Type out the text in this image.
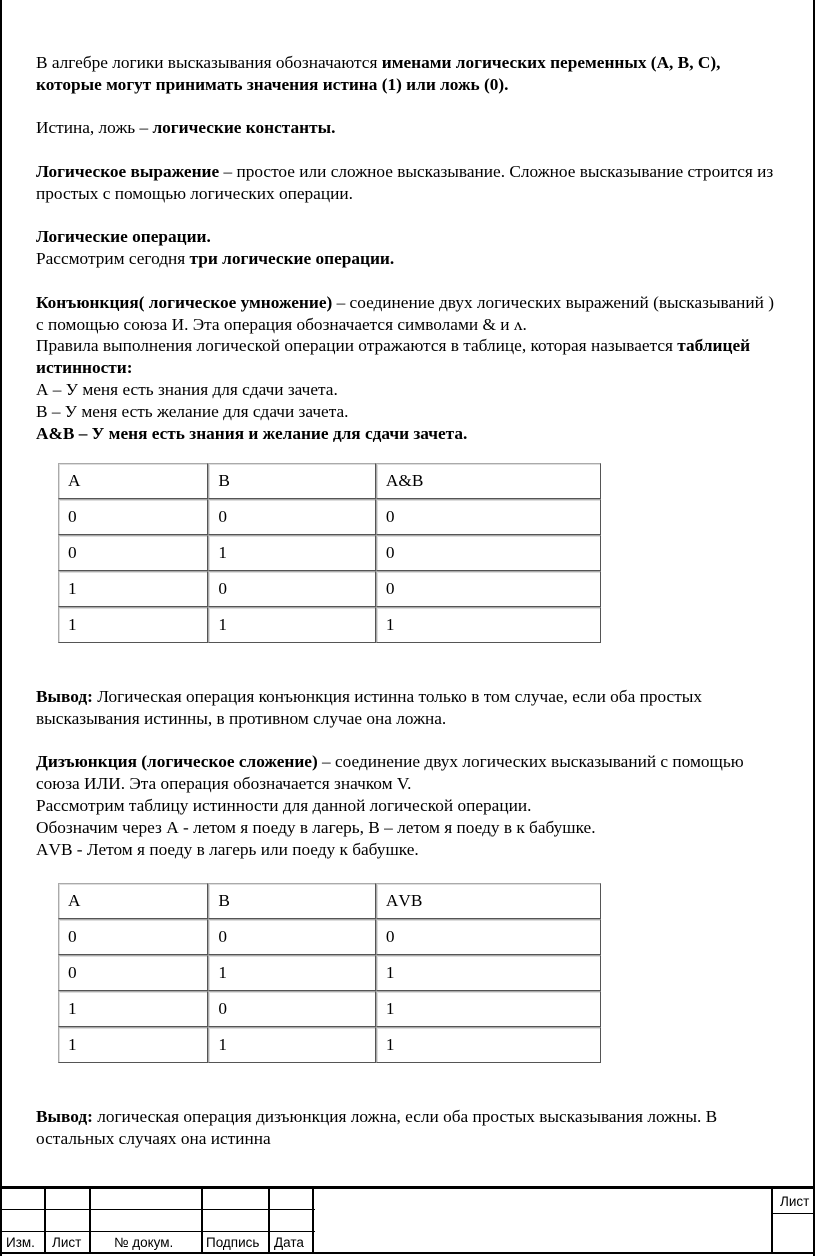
В алгебре логики высказывания обозначаются именами логических переменных (А, В, С), которые могут принимать значения истина (1) или ложь (0).

Истина, ложь – логические константы.

Логическое выражение – простое или сложное высказывание. Сложное высказывание строится из простых с помощью логических операции.

Логические операции.

Рассмотрим сегодня три логические операции.

Конъюнкция( логическое умножение) – соединение двух логических выражений (высказываний ) с помощью союза И. Эта операция обозначается символами & и ʌ.

Правила выполнения логической операции отражаются в таблице, которая называется таблицей истинности:

А – У меня есть знания для сдачи зачета.

В – У меня есть желание для сдачи зачета.

А&В – У меня есть знания и желание для сдачи зачета.

А	В	А&В
0	0	0
0	1	0
1	0	0
1	1	1

Вывод: Логическая операция конъюнкция истинна только в том случае, если оба простых высказывания истинны, в противном случае она ложна.

Дизъюнкция (логическое сложение) – соединение двух логических высказываний с помощью союза ИЛИ. Эта операция обозначается значком V.

Рассмотрим таблицу истинности для данной логической операции.

Обозначим через А - летом я поеду в лагерь, В – летом я поеду в к бабушке.

АVВ - Летом я поеду в лагерь или поеду к бабушке.

А	В	АVВ
0	0	0
0	1	1
1	0	1
1	1	1

Вывод: логическая операция дизъюнкция ложна, если оба простых высказывания ложны. В остальных случаях она истинна

Изм. Лист № докум. Подпись Дата
Лист
